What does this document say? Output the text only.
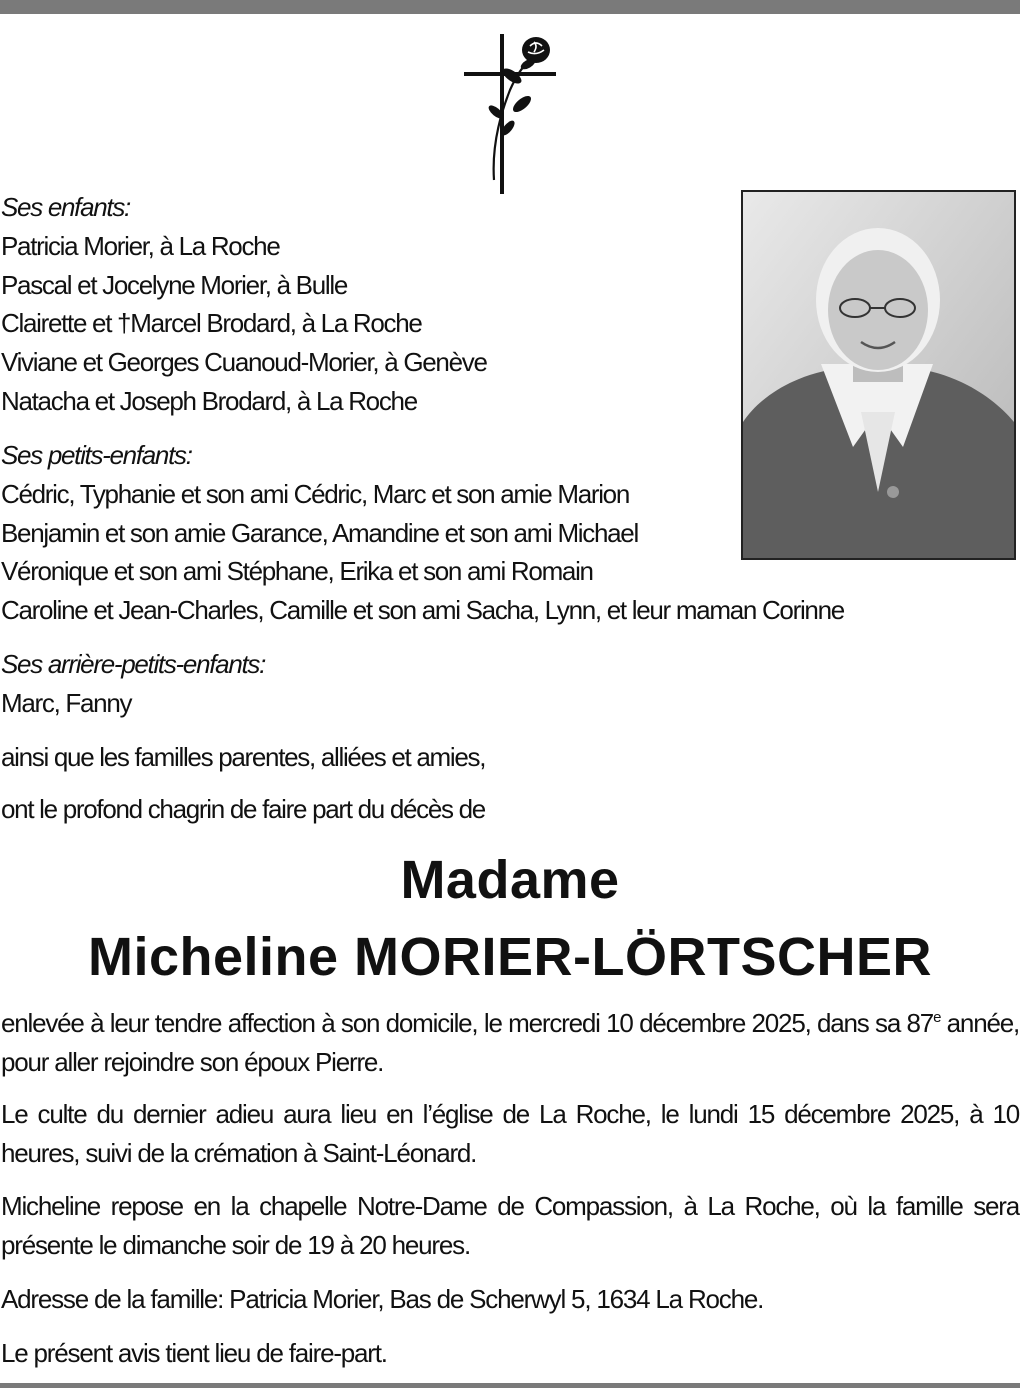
Ses enfants:
Patricia Morier, à La Roche
Pascal et Jocelyne Morier, à Bulle
Clairette et †Marcel Brodard, à La Roche
Viviane et Georges Cuanoud-Morier, à Genève
Natacha et Joseph Brodard, à La Roche
Ses petits-enfants:
Cédric, Typhanie et son ami Cédric, Marc et son amie Marion
Benjamin et son amie Garance, Amandine et son ami Michael
Véronique et son ami Stéphane, Erika et son ami Romain
Caroline et Jean-Charles, Camille et son ami Sacha, Lynn, et leur maman Corinne
Ses arrière-petits-enfants:
Marc, Fanny
ainsi que les familles parentes, alliées et amies,
ont le profond chagrin de faire part du décès de
Madame
Micheline MORIER-LÖRTSCHER
enlevée à leur tendre affection à son domicile, le mercredi 10 décembre 2025, dans sa 87e année, pour aller rejoindre son époux Pierre.
Le culte du dernier adieu aura lieu en l’église de La Roche, le lundi 15 décembre 2025, à 10 heures, suivi de la crémation à Saint-Léonard.
Micheline repose en la chapelle Notre-Dame de Compassion, à La Roche, où la famille sera présente le dimanche soir de 19 à 20 heures.
Adresse de la famille: Patricia Morier, Bas de Scherwyl 5, 1634 La Roche.
Le présent avis tient lieu de faire-part.
